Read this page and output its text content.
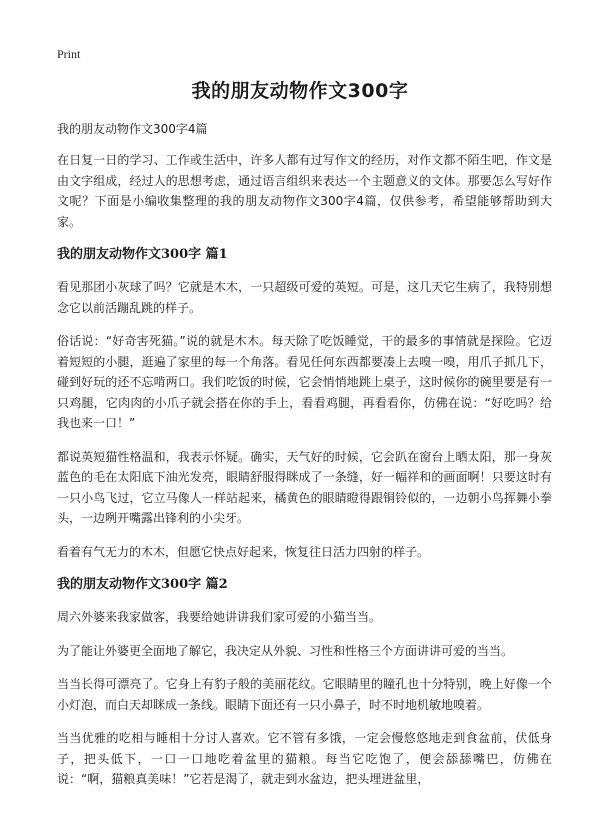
Print
我的朋友动物作文300字
我的朋友动物作文300字4篇

在日复一日的学习、工作或生活中，许多人都有过写作文的经历，对作文都不陌生吧，作文是由文字组成，经过人的思想考虑，通过语言组织来表达一个主题意义的文体。那要怎么写好作文呢？下面是小编收集整理的我的朋友动物作文300字4篇，仅供参考，希望能够帮助到大家。

我的朋友动物作文300字 篇1

看见那团小灰球了吗？它就是木木，一只超级可爱的英短。可是，这几天它生病了，我特别想念它以前活蹦乱跳的样子。

俗话说：“好奇害死猫。”说的就是木木。每天除了吃饭睡觉，干的最多的事情就是探险。它迈着短短的小腿，逛遍了家里的每一个角落。看见任何东西都要凑上去嗅一嗅，用爪子抓几下，碰到好玩的还不忘啃两口。我们吃饭的时候，它会悄悄地跳上桌子，这时候你的碗里要是有一只鸡腿，它肉肉的小爪子就会搭在你的手上，看看鸡腿，再看看你，仿佛在说：“好吃吗？给我也来一口！”

都说英短猫性格温和，我表示怀疑。确实，天气好的时候，它会趴在窗台上晒太阳，那一身灰蓝色的毛在太阳底下油光发亮，眼睛舒服得眯成了一条缝，好一幅祥和的画面啊！只要这时有一只小鸟飞过，它立马像人一样站起来，橘黄色的眼睛瞪得跟铜铃似的，一边朝小鸟挥舞小拳头，一边咧开嘴露出锋利的小尖牙。

看着有气无力的木木，但愿它快点好起来，恢复往日活力四射的样子。

我的朋友动物作文300字 篇2

周六外婆来我家做客，我要给她讲讲我们家可爱的小猫当当。

为了能让外婆更全面地了解它，我决定从外貌、习性和性格三个方面讲讲可爱的当当。

当当长得可漂亮了。它身上有豹子般的美丽花纹。它眼睛里的瞳孔也十分特别，晚上好像一个小灯泡，而白天却眯成一条线。眼睛下面还有一只小鼻子，时不时地机敏地嗅着。

当当优雅的吃相与睡相十分讨人喜欢。它不管有多饿，一定会慢悠悠地走到食盆前，伏低身子，把头低下，一口一口地吃着盆里的猫粮。每当它吃饱了，便会舔舔嘴巴，仿佛在说：“啊，猫粮真美味！”它若是渴了，就走到水盆边，把头埋进盆里，
